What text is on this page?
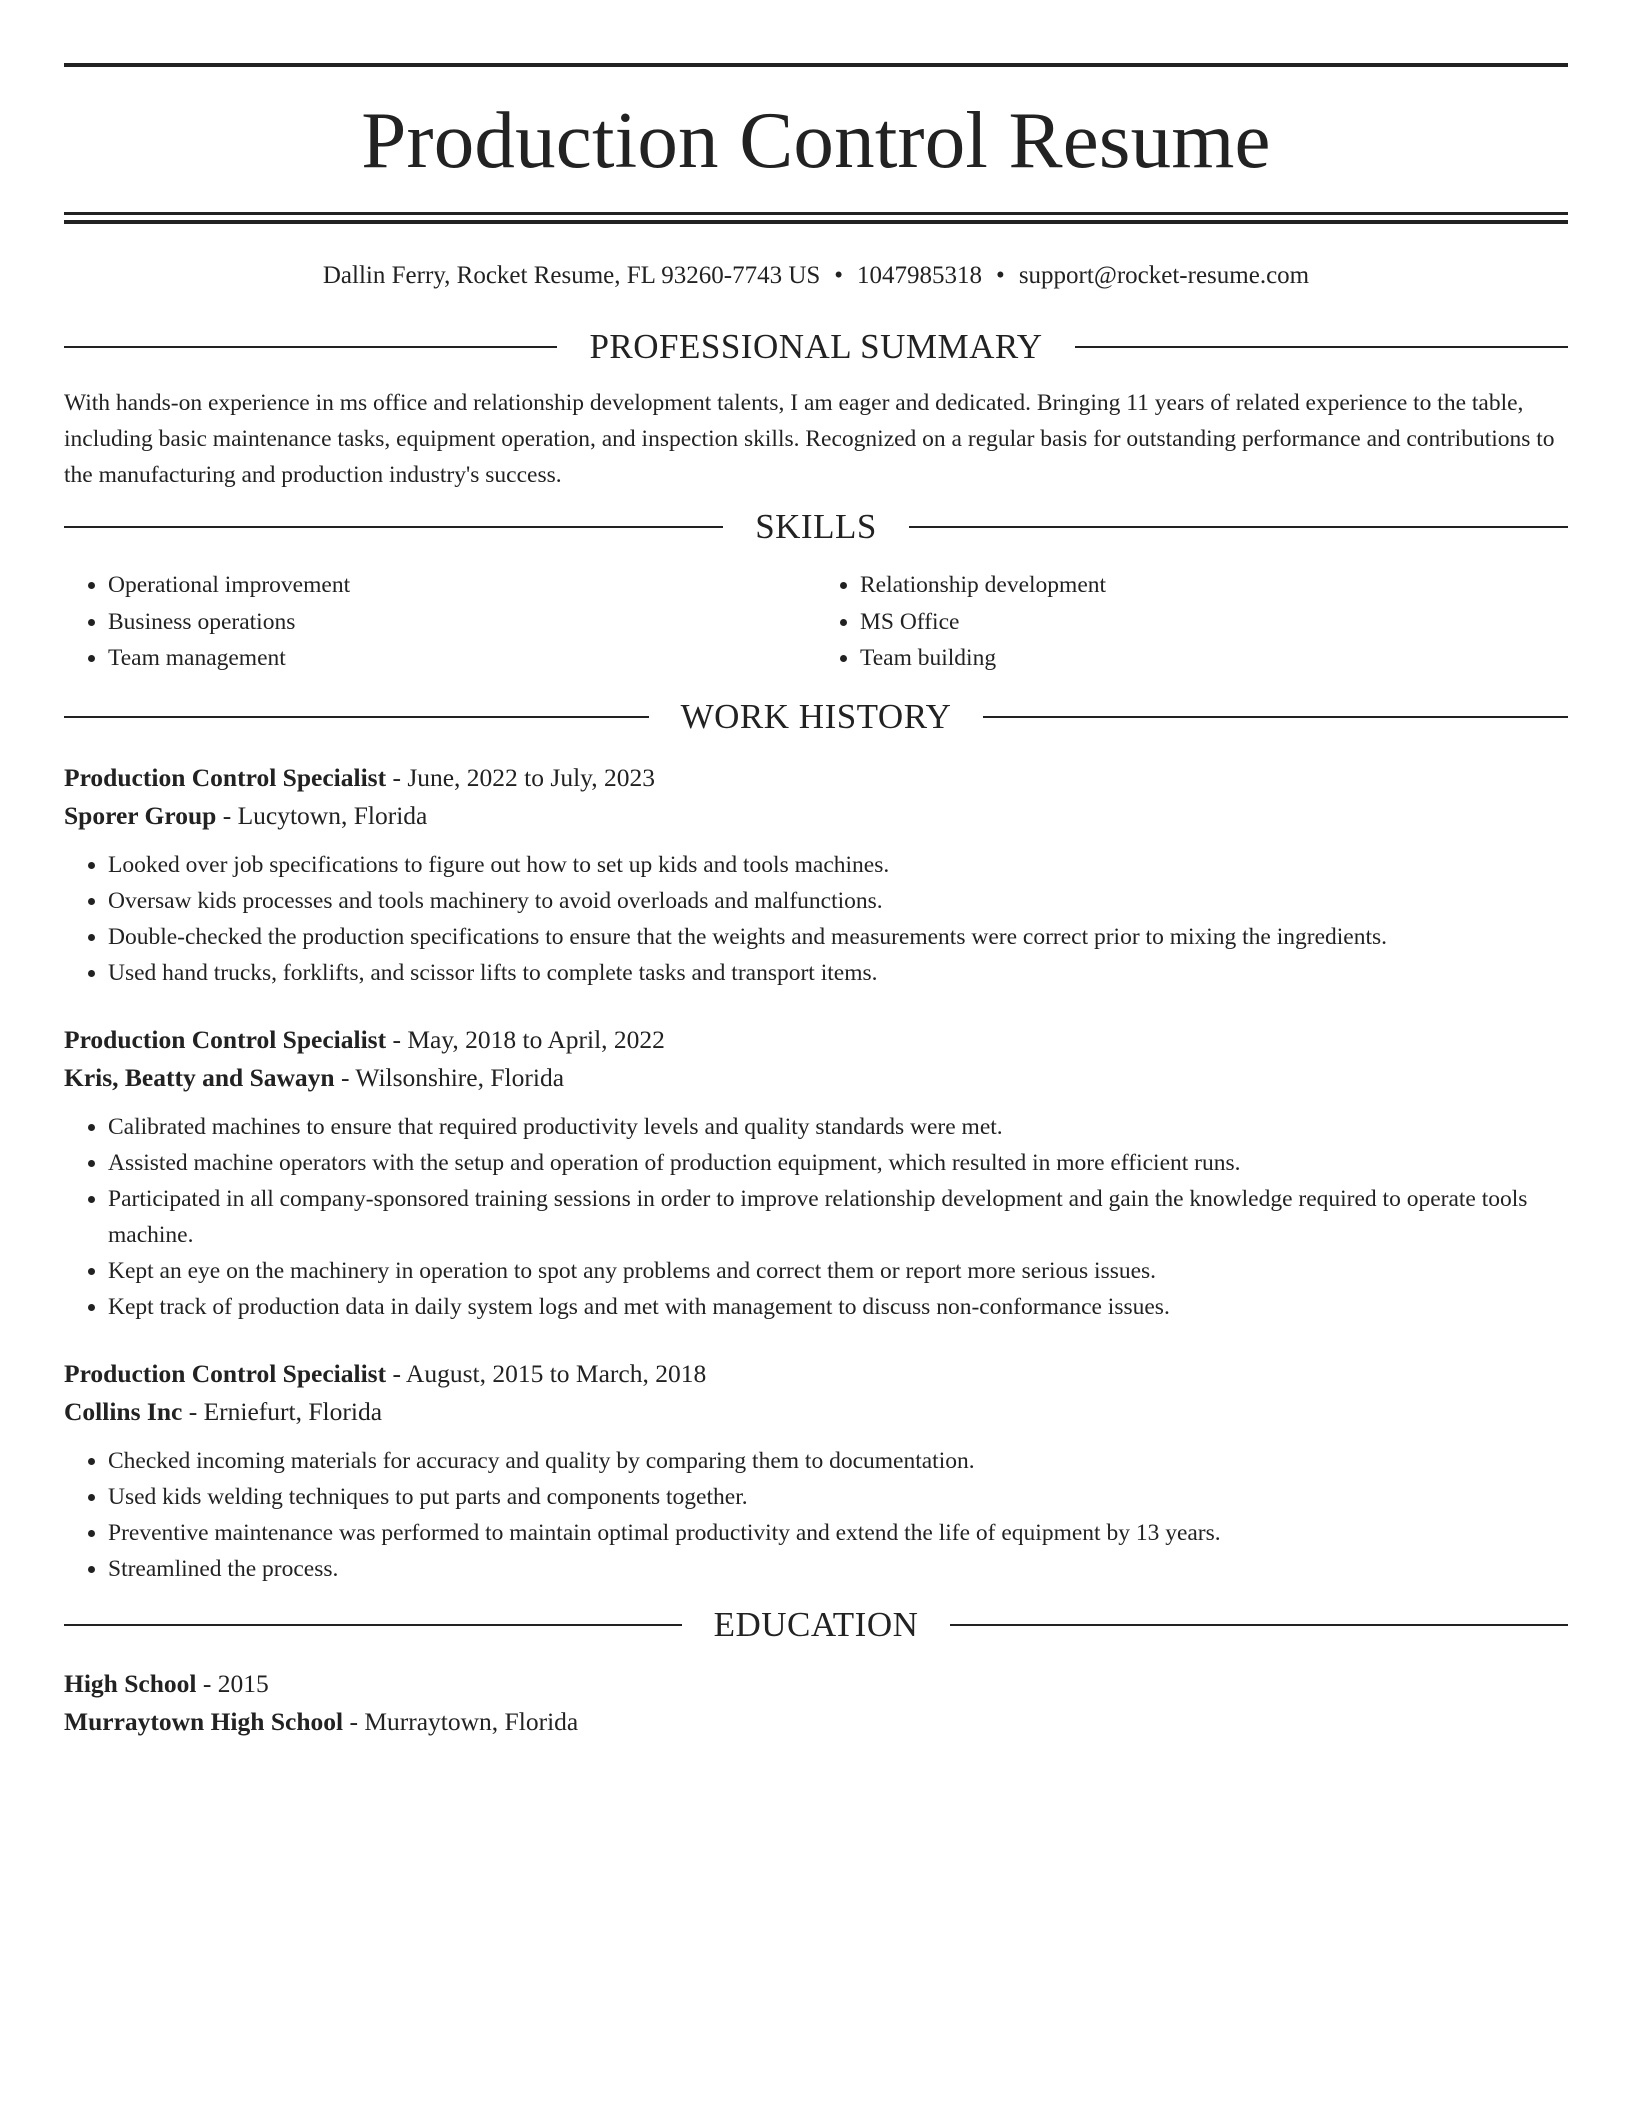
Production Control Resume
Dallin Ferry, Rocket Resume, FL 93260-7743 US • 1047985318 • support@rocket-resume.com
PROFESSIONAL SUMMARY

With hands-on experience in ms office and relationship development talents, I am eager and dedicated. Bringing 11 years of related experience to the table, including basic maintenance tasks, equipment operation, and inspection skills. Recognized on a regular basis for outstanding performance and contributions to the manufacturing and production industry's success.

SKILLS
• Operational improvement
• Business operations
• Team management
• Relationship development
• MS Office
• Team building
WORK HISTORY
Production Control Specialist - June, 2022 to July, 2023
Sporer Group - Lucytown, Florida
• Looked over job specifications to figure out how to set up kids and tools machines.
• Oversaw kids processes and tools machinery to avoid overloads and malfunctions.
• Double-checked the production specifications to ensure that the weights and measurements were correct prior to mixing the ingredients.
• Used hand trucks, forklifts, and scissor lifts to complete tasks and transport items.
Production Control Specialist - May, 2018 to April, 2022
Kris, Beatty and Sawayn - Wilsonshire, Florida
• Calibrated machines to ensure that required productivity levels and quality standards were met.
• Assisted machine operators with the setup and operation of production equipment, which resulted in more efficient runs.
• Participated in all company-sponsored training sessions in order to improve relationship development and gain the knowledge required to operate tools machine.
• Kept an eye on the machinery in operation to spot any problems and correct them or report more serious issues.
• Kept track of production data in daily system logs and met with management to discuss non-conformance issues.
Production Control Specialist - August, 2015 to March, 2018
Collins Inc - Erniefurt, Florida
• Checked incoming materials for accuracy and quality by comparing them to documentation.
• Used kids welding techniques to put parts and components together.
• Preventive maintenance was performed to maintain optimal productivity and extend the life of equipment by 13 years.
• Streamlined the process.
EDUCATION
High School - 2015
Murraytown High School - Murraytown, Florida
